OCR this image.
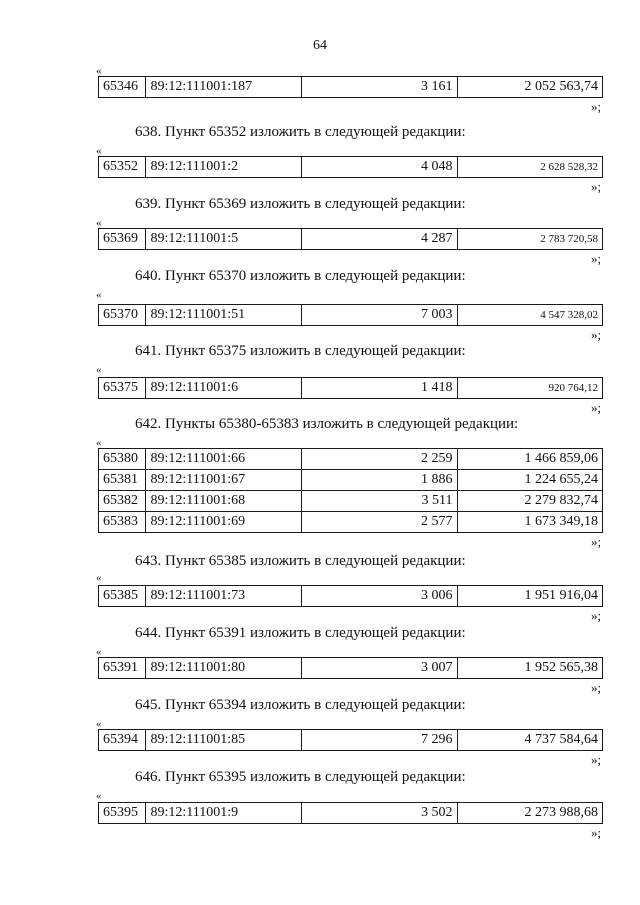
64
«
65346	89:12:111001:187	3 161	2 052 563,74
»;
638. Пункт 65352 изложить в следующей редакции:
«
65352	89:12:111001:2	4 048	2 628 528,32
»;
639. Пункт 65369 изложить в следующей редакции:
«
65369	89:12:111001:5	4 287	2 783 720,58
»;
640. Пункт 65370 изложить в следующей редакции:
«
65370	89:12:111001:51	7 003	4 547 328,02
»;
641. Пункт 65375 изложить в следующей редакции:
«
65375	89:12:111001:6	1 418	920 764,12
»;
642. Пункты 65380-65383 изложить в следующей редакции:
«
65380	89:12:111001:66	2 259	1 466 859,06
65381	89:12:111001:67	1 886	1 224 655,24
65382	89:12:111001:68	3 511	2 279 832,74
65383	89:12:111001:69	2 577	1 673 349,18
»;
643. Пункт 65385 изложить в следующей редакции:
«
65385	89:12:111001:73	3 006	1 951 916,04
»;
644. Пункт 65391 изложить в следующей редакции:
«
65391	89:12:111001:80	3 007	1 952 565,38
»;
645. Пункт 65394 изложить в следующей редакции:
«
65394	89:12:111001:85	7 296	4 737 584,64
»;
646. Пункт 65395 изложить в следующей редакции:
«
65395	89:12:111001:9	3 502	2 273 988,68
»;
